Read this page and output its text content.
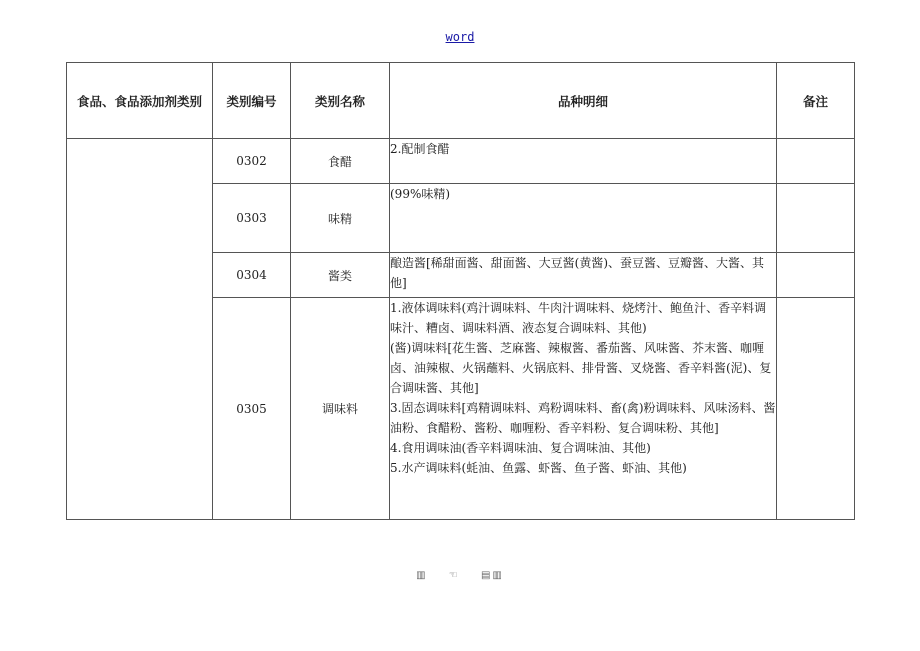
word
食品、食品添加剂类别	类别编号	类别名称	品种明细	备注
	0302	食醋	2.配制食醋	

	0303	味精	(99%味精)	

	0304	酱类	酿造酱[稀甜面酱、甜面酱、大豆酱(黄酱)、蚕豆酱、豆瓣酱、大酱、其他]	

	0305	调味料	1.液体调味料(鸡汁调味料、牛肉汁调味料、烧烤汁、鲍鱼汁、香辛料调味汁、糟卤、调味料酒、液态复合调味料、其他)
(酱)调味料[花生酱、芝麻酱、辣椒酱、番茄酱、风味酱、芥末酱、咖喱卤、油辣椒、火锅蘸料、火锅底料、排骨酱、叉烧酱、香辛料酱(泥)、复合调味酱、其他]
3.固态调味料[鸡精调味料、鸡粉调味料、畜(禽)粉调味料、风味汤料、酱油粉、食醋粉、酱粉、咖喱粉、香辛料粉、复合调味粉、其他]
4.食用调味油(香辛料调味油、复合调味油、其他)
5.水产调味料(蚝油、鱼露、虾酱、鱼子酱、虾油、其他)	

▥ ☜ ▤▥
